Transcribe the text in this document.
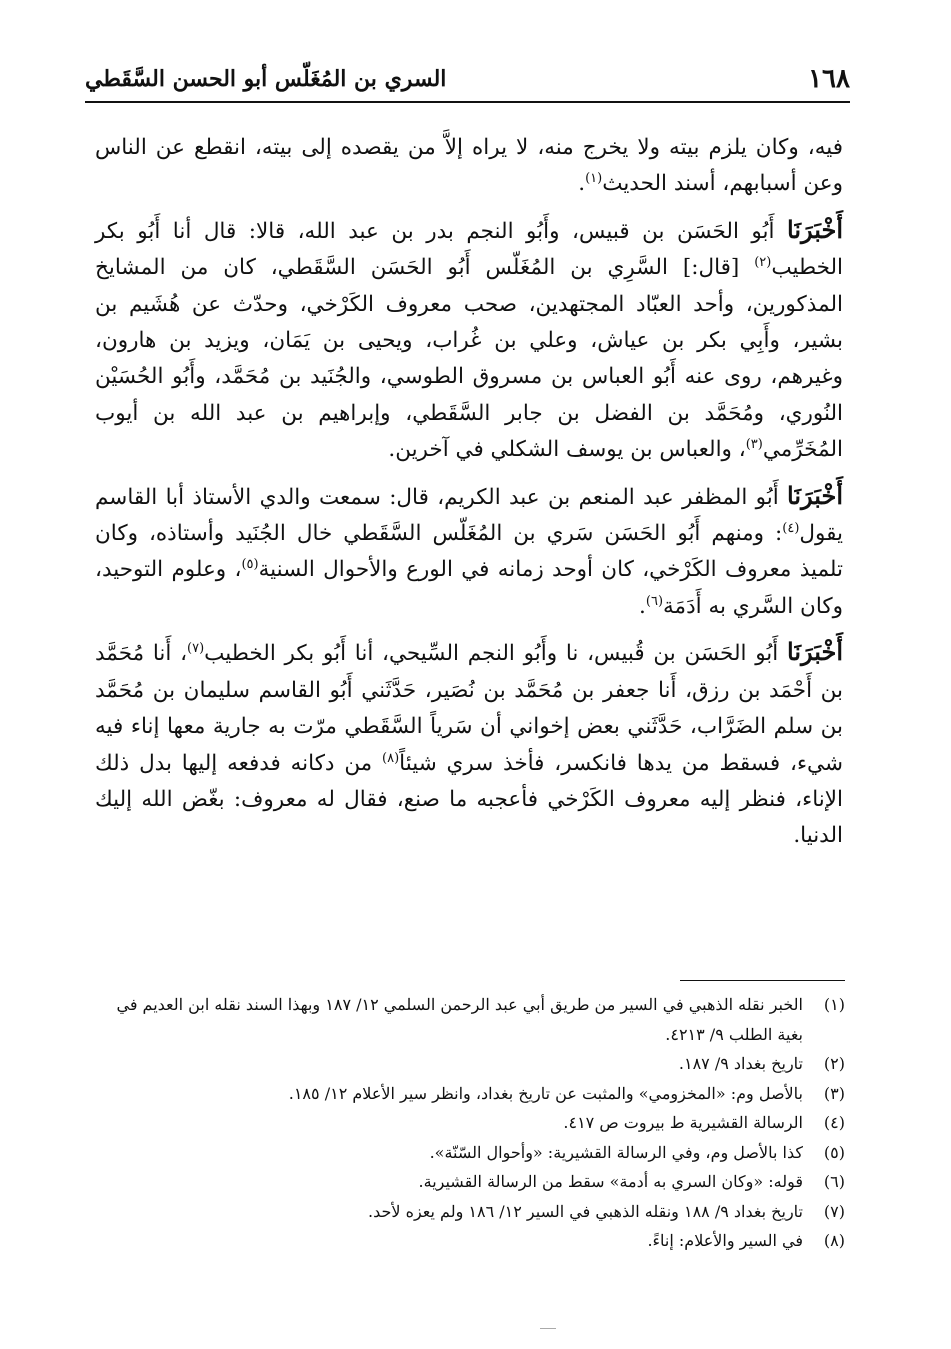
١٦٨
السري بن المُغَلّس أبو الحسن السَّقَطي

فيه، وكان يلزم بيته ولا يخرج منه، لا يراه إلاَّ من يقصده إلى بيته، انقطع عن الناس وعن أسبابهم، أسند الحديث$^{(١)}$.

أَخْبَرَنَا أَبُو الحَسَن بن قبيس، وأَبُو النجم بدر بن عبد الله، قالا: قال أنا أَبُو بكر الخطيب$^{(٢)}$ [قال:] السَّرِي بن المُغَلّس أَبُو الحَسَن السَّقَطي، كان من المشايخ المذكورين، وأحد العبّاد المجتهدين، صحب معروف الكَرْخي، وحدّث عن هُشَيم بن بشير، وأَبِي بكر بن عياش، وعلي بن غُراب، ويحيى بن يَمَان، ويزيد بن هارون، وغيرهم، روى عنه أَبُو العباس بن مسروق الطوسي، والجُنَيد بن مُحَمَّد، وأَبُو الحُسَيْن النُوري، ومُحَمَّد بن الفضل بن جابر السَّقَطي، وإبراهيم بن عبد الله بن أيوب المُخَرِّمي$^{(٣)}$، والعباس بن يوسف الشكلي في آخرين.

أَخْبَرَنَا أَبُو المظفر عبد المنعم بن عبد الكريم، قال: سمعت والدي الأستاذ أبا القاسم يقول$^{(٤)}$: ومنهم أَبُو الحَسَن سَري بن المُغَلّس السَّقَطي خال الجُنَيد وأستاذه، وكان تلميذ معروف الكَرْخي، كان أوحد زمانه في الورع والأحوال السنية$^{(٥)}$، وعلوم التوحيد، وكان السَّري به أَدَمَة$^{(٦)}$.

أَخْبَرَنَا أَبُو الحَسَن بن قُبيس، نا وأَبُو النجم السِّيحي، أنا أَبُو بكر الخطيب$^{(٧)}$، أَنا مُحَمَّد بن أَحْمَد بن رزق، أَنا جعفر بن مُحَمَّد بن نُصَير، حَدَّثَني أَبُو القاسم سليمان بن مُحَمَّد بن سلم الضَرَّاب، حَدَّثَني بعض إخواني أن سَرياً السَّقَطي مرّت به جارية معها إناء فيه شيء، فسقط من يدها فانكسر، فأخذ سري شيئاً$^{(٨)}$ من دكانه فدفعه إليها بدل ذلك الإناء، فنظر إليه معروف الكَرْخي فأعجبه ما صنع، فقال له معروف: بغّض الله إليك الدنيا.

(١)
الخبر نقله الذهبي في السير من طريق أبي عبد الرحمن السلمي ١٢/ ١٨٧ وبهذا السند نقله ابن العديم في بغية الطلب ٩/ ٤٢١٣.
(٢)
تاريخ بغداد ٩/ ١٨٧.
(٣)
بالأصل وم: «المخزومي» والمثبت عن تاريخ بغداد، وانظر سير الأعلام ١٢/ ١٨٥.
(٤)
الرسالة القشيرية ط بيروت ص ٤١٧.
(٥)
كذا بالأصل وم، وفي الرسالة القشيرية: «وأحوال السّنّة».
(٦)
قوله: «وكان السري به أدمة» سقط من الرسالة القشيرية.
(٧)
تاريخ بغداد ٩/ ١٨٨ ونقله الذهبي في السير ١٢/ ١٨٦ ولم يعزه لأحد.
(٨)
في السير والأعلام: إناءً.
